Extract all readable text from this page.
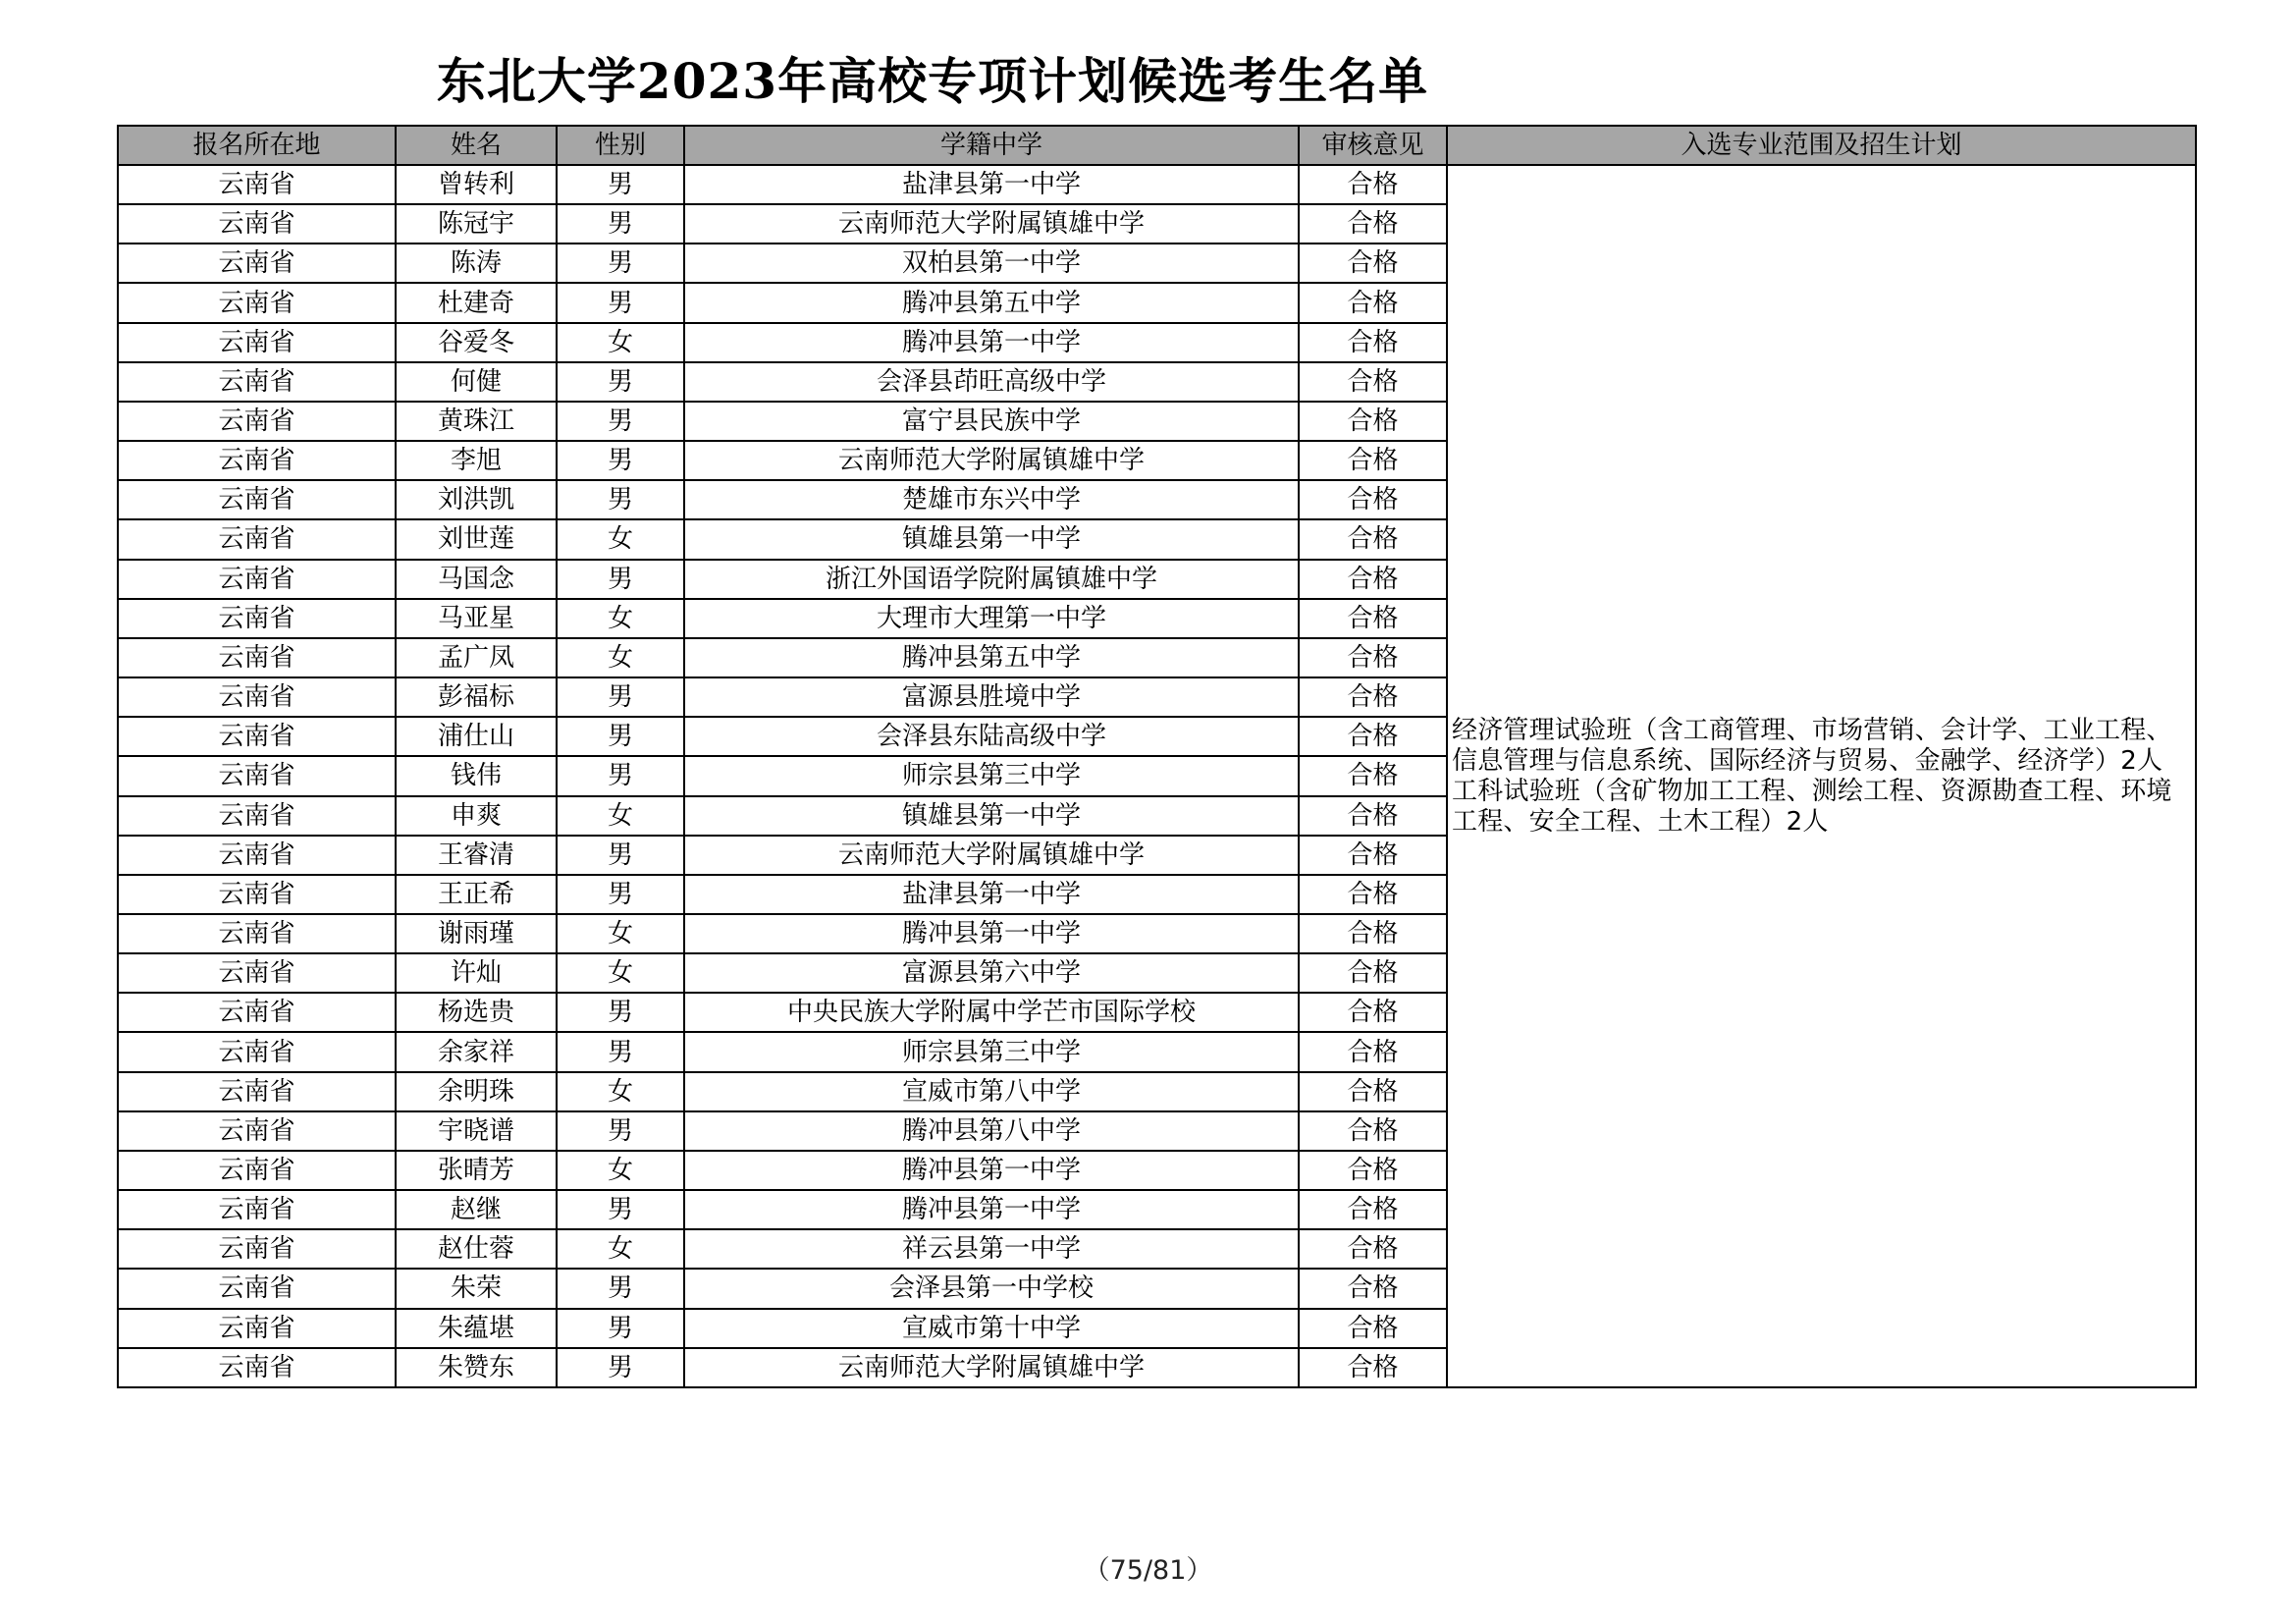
东北大学2023年高校专项计划候选考生名单
报名所在地	姓名	性别	学籍中学	审核意见	入选专业范围及招生计划
云南省	曾转利	男	盐津县第一中学	合格	经济管理试验班（含工商管理、市场营销、会计学、工业工程、信息管理与信息系统、国际经济与贸易、金融学、经济学）2人
工科试验班（含矿物加工工程、测绘工程、资源勘查工程、环境工程、安全工程、土木工程）2人

云南省	陈冠宇	男	云南师范大学附属镇雄中学	合格	
云南省	陈涛	男	双柏县第一中学	合格	
云南省	杜建奇	男	腾冲县第五中学	合格	
云南省	谷爱冬	女	腾冲县第一中学	合格	
云南省	何健	男	会泽县茚旺高级中学	合格	
云南省	黄珠江	男	富宁县民族中学	合格	
云南省	李旭	男	云南师范大学附属镇雄中学	合格	
云南省	刘洪凯	男	楚雄市东兴中学	合格	
云南省	刘世莲	女	镇雄县第一中学	合格	
云南省	马国念	男	浙江外国语学院附属镇雄中学	合格	
云南省	马亚星	女	大理市大理第一中学	合格	
云南省	孟广凤	女	腾冲县第五中学	合格	
云南省	彭福标	男	富源县胜境中学	合格	
云南省	浦仕山	男	会泽县东陆高级中学	合格	
云南省	钱伟	男	师宗县第三中学	合格	
云南省	申爽	女	镇雄县第一中学	合格	
云南省	王睿清	男	云南师范大学附属镇雄中学	合格	
云南省	王正希	男	盐津县第一中学	合格	
云南省	谢雨瑾	女	腾冲县第一中学	合格	
云南省	许灿	女	富源县第六中学	合格	
云南省	杨选贵	男	中央民族大学附属中学芒市国际学校	合格	
云南省	余家祥	男	师宗县第三中学	合格	
云南省	余明珠	女	宣威市第八中学	合格	
云南省	宇晓谱	男	腾冲县第八中学	合格	
云南省	张晴芳	女	腾冲县第一中学	合格	
云南省	赵继	男	腾冲县第一中学	合格	
云南省	赵仕蓉	女	祥云县第一中学	合格	
云南省	朱荣	男	会泽县第一中学校	合格	
云南省	朱蕴堪	男	宣威市第十中学	合格	
云南省	朱赞东	男	云南师范大学附属镇雄中学	合格	
（75/81）
